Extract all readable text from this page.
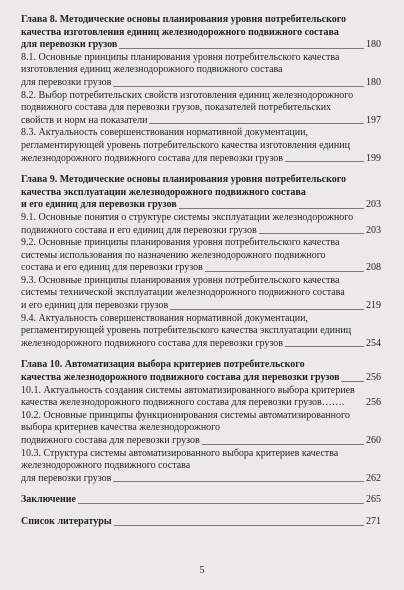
Глава 8. Методические основы планирования уровня потребительского
качества изготовления единиц железнодорожного подвижного состава
для перевозки грузов	180
8.1. Основные принципы планирования уровня потребительского качества
изготовления единиц железнодорожного подвижного состава
для перевозки грузов	180
8.2. Выбор потребительских свойств изготовления единиц железнодорожного
подвижного состава для перевозки грузов, показателей потребительских
свойств и норм на показатели	197
8.3. Актуальность совершенствования нормативной документации,
регламентирующей уровень потребительского качества изготовления единиц
железнодорожного подвижного состава для перевозки грузов	199
Глава 9. Методические основы планирования уровня потребительского
качества эксплуатации железнодорожного подвижного состава
и его единиц для перевозки грузов	203
9.1. Основные понятия о структуре системы эксплуатации железнодорожного
подвижного состава и его единиц для перевозки грузов	203
9.2. Основные принципы планирования уровня потребительского качества
системы использования по назначению железнодорожного подвижного
состава и его единиц для перевозки грузов	208
9.3. Основные принципы планирования уровня потребительского качества
системы технической эксплуатации железнодорожного подвижного состава
и его единиц для перевозки грузов	219
9.4. Актуальность совершенствования нормативной документации,
регламентирующей уровень потребительского качества эксплуатации единиц
железнодорожного подвижного состава для перевозки грузов	254
Глава 10. Автоматизация выбора критериев потребительского
качества железнодорожного подвижного состава для перевозки грузов	256
10.1. Актуальность создания системы автоматизированного выбора критериев
качества железнодорожного подвижного состава для перевозки грузов……. 256
10.2. Основные принципы функционирования системы автоматизированного
выбора критериев качества железнодорожного
подвижного состава для перевозки грузов	260
10.3. Структура системы автоматизированного выбора критериев качества
железнодорожного подвижного состава
для перевозки грузов	262
Заключение	265
Список литературы	271
5
